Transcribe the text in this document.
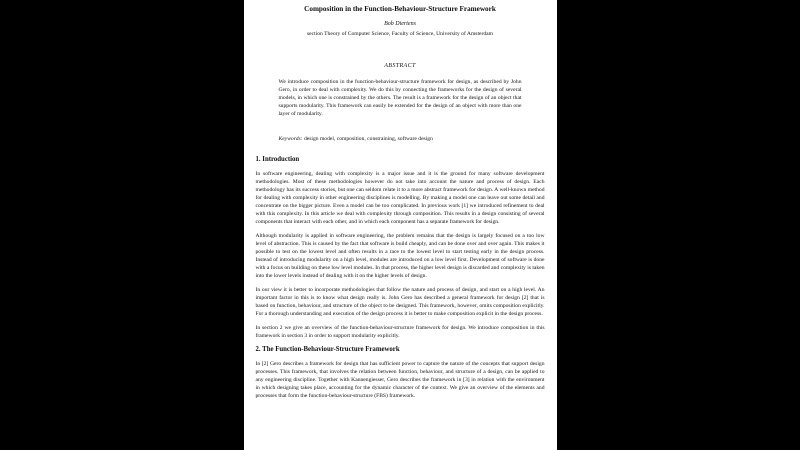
Composition in the Function-Behaviour-Structure Framework
Bob Diertens
section Theory of Computer Science, Faculty of Science, University of Amsterdam
ABSTRACT

We introduce composition in the function-behaviour-structure framework for design, as described by John Gero, in order to deal with complexity. We do this by connecting the frameworks for the design of several models, in which one is constrained by the others. The result is a framework for the design of an object that supports modularity. This framework can easily be extended for the design of an object with more than one layer of modularity.

Keywords: design model, composition, constraining, software design

1. Introduction

In software engineering, dealing with complexity is a major issue and it is the ground for many software development methodologies. Most of these methodologies however do not take into account the nature and process of design. Each methodology has its success stories, but one can seldom relate it to a more abstract framework for design. A well-known method for dealing with complexity in other engineering disciplines is modelling. By making a model one can leave out some detail and concentrate on the bigger picture. Even a model can be too complicated. In previous work [1] we introduced refinement to deal with this complexity. In this article we deal with complexity through composition. This results in a design consisting of several components that interact with each other, and in which each component has a separate framework for design.

Although modularity is applied in software engineering, the problem remains that the design is largely focused on a too low level of abstraction. This is caused by the fact that software is build cheaply, and can be done over and over again. This makes it possible to test on the lowest level and often results in a race to the lowest level to start testing early in the design process. Instead of introducing modularity on a high level, modules are introduced on a low level first. Development of software is done with a focus on building on these low level modules. In that process, the higher level design is discarded and complexity is taken into the lower levels instead of dealing with it on the higher levels of design.

In our view it is better to incorporate methodologies that follow the nature and process of design, and start on a high level. An important factor in this is to know what design really is. John Gero has described a general framework for design [2] that is based on function, behaviour, and structure of the object to be designed. This framework, however, omits composition explicitly. For a thorough understanding and execution of the design process it is better to make composition explicit in the design process.

In section 2 we give an overview of the function-behaviour-structure framework for design. We introduce composition in this framework in section 3 in order to support modularity explicitly.

2. The Function-Behaviour-Structure Framework

In [2] Gero describes a framework for design that has sufficient power to capture the nature of the concepts that support design processes. This framework, that involves the relation between function, behaviour, and structure of a design, can be applied to any engineering discipline. Together with Kannengiesser, Gero describes the framework in [3] in relation with the environment in which designing takes place, accounting for the dynamic character of the context. We give an overview of the elements and processes that form the function-behaviour-structure (FBS) framework.
